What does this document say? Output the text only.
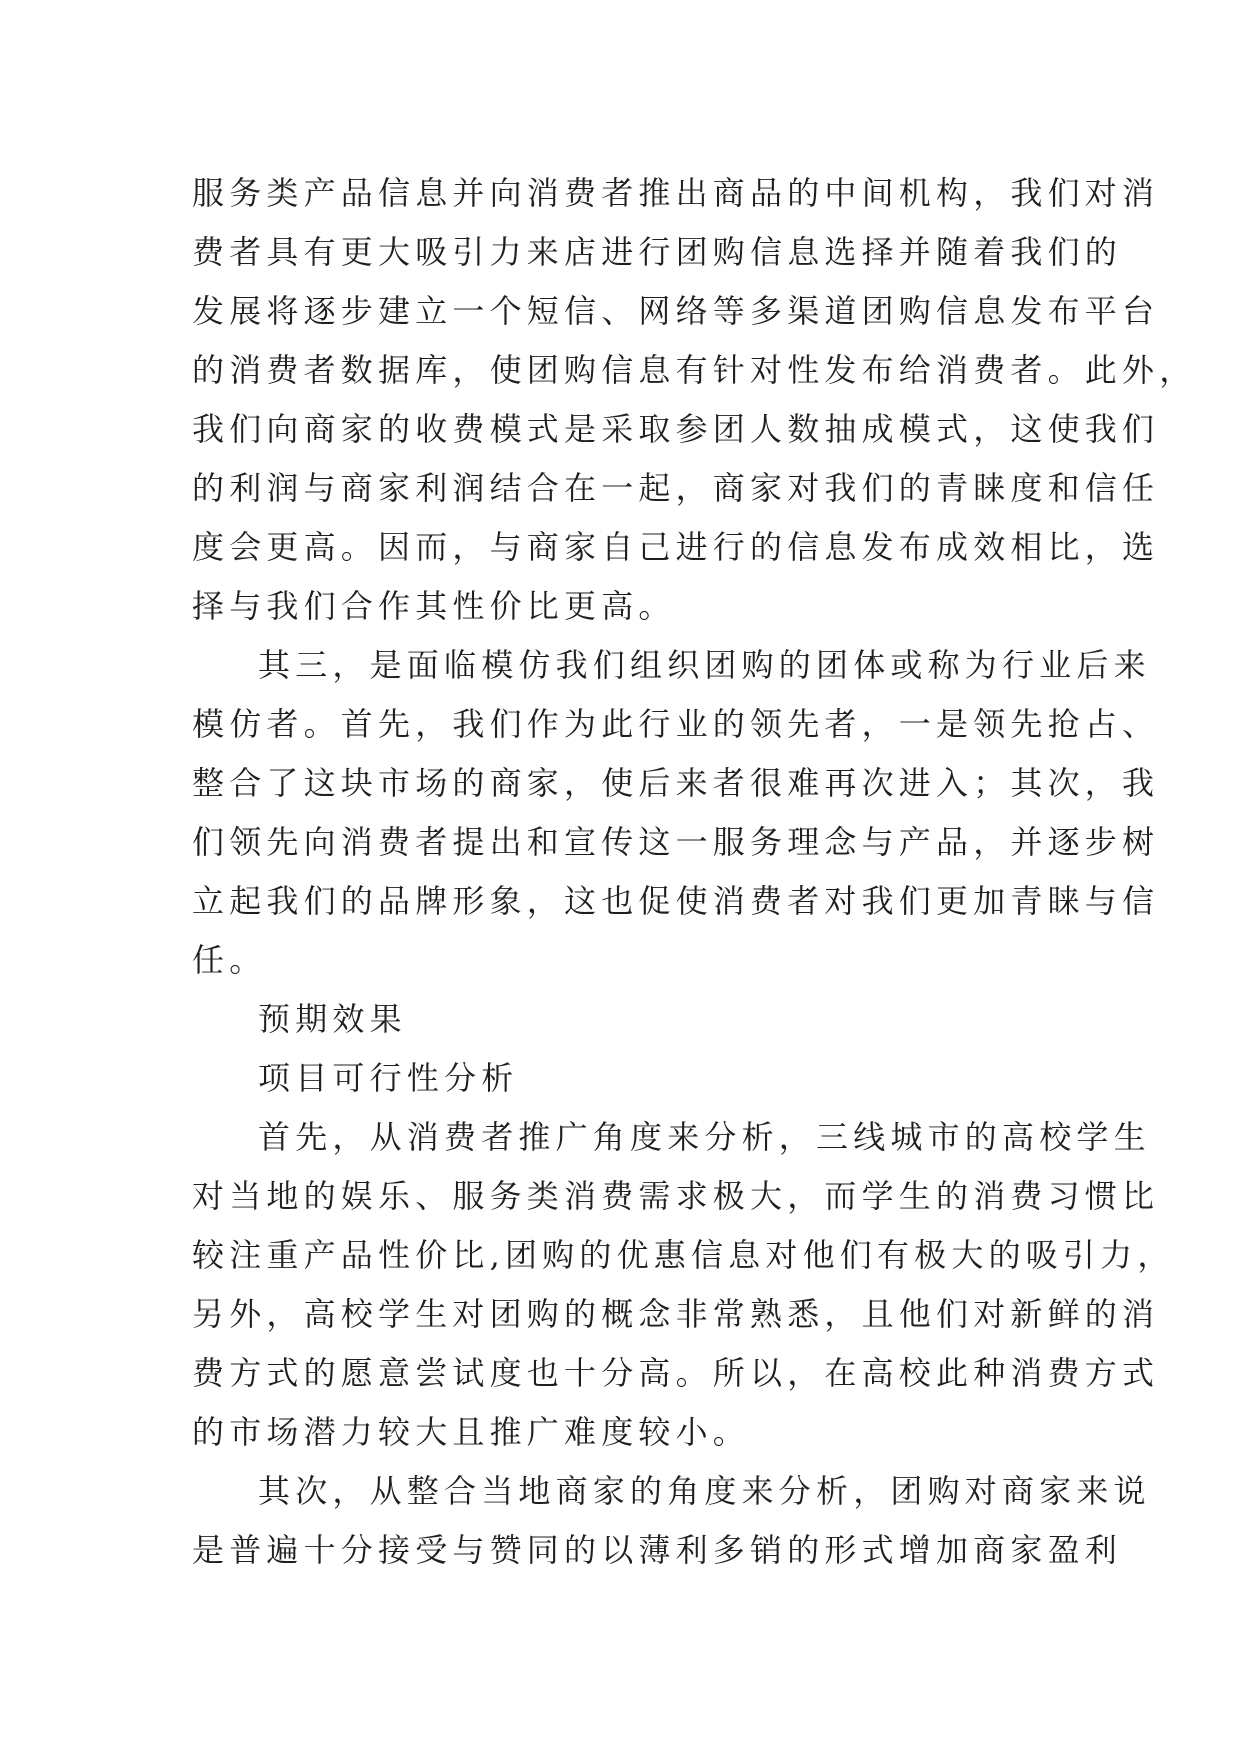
服务类产品信息并向消费者推出商品的中间机构，我们对消
费者具有更大吸引力来店进行团购信息选择并随着我们的
发展将逐步建立一个短信、网络等多渠道团购信息发布平台
的消费者数据库，使团购信息有针对性发布给消费者。此外，
我们向商家的收费模式是采取参团人数抽成模式，这使我们
的利润与商家利润结合在一起，商家对我们的青睐度和信任
度会更高。因而，与商家自己进行的信息发布成效相比，选
择与我们合作其性价比更高。
其三，是面临模仿我们组织团购的团体或称为行业后来
模仿者。首先，我们作为此行业的领先者，一是领先抢占、
整合了这块市场的商家，使后来者很难再次进入；其次，我
们领先向消费者提出和宣传这一服务理念与产品，并逐步树
立起我们的品牌形象，这也促使消费者对我们更加青睐与信
任。
预期效果
项目可行性分析
首先，从消费者推广角度来分析，三线城市的高校学生
对当地的娱乐、服务类消费需求极大，而学生的消费习惯比
较注重产品性价比,团购的优惠信息对他们有极大的吸引力，
另外，高校学生对团购的概念非常熟悉，且他们对新鲜的消
费方式的愿意尝试度也十分高。所以，在高校此种消费方式
的市场潜力较大且推广难度较小。
其次，从整合当地商家的角度来分析，团购对商家来说
是普遍十分接受与赞同的以薄利多销的形式增加商家盈利
